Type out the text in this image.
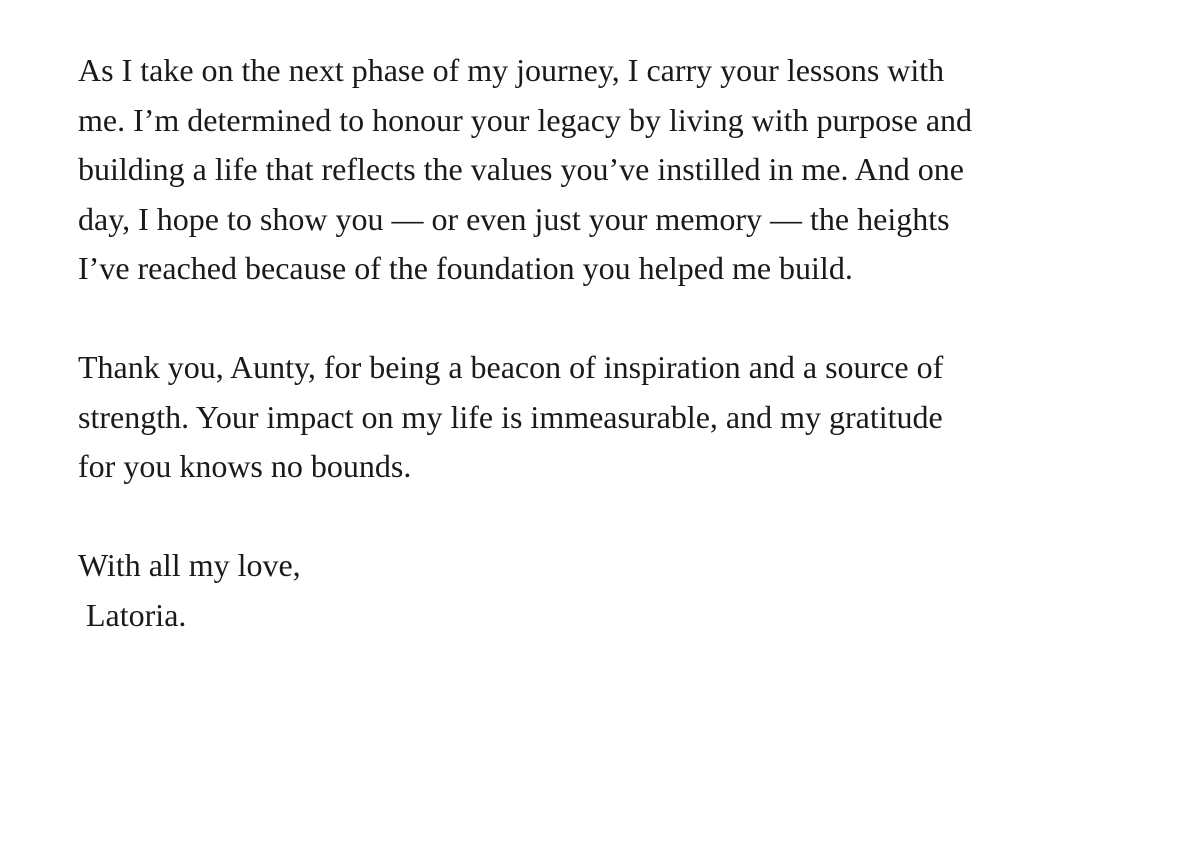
As I take on the next phase of my journey, I carry your lessons with
me. I’m determined to honour your legacy by living with purpose and
building a life that reflects the values you’ve instilled in me. And one
day, I hope to show you — or even just your memory — the heights
I’ve reached because of the foundation you helped me build.

Thank you, Aunty, for being a beacon of inspiration and a source of
strength. Your impact on my life is immeasurable, and my gratitude
for you knows no bounds.

With all my love,
Latoria.
